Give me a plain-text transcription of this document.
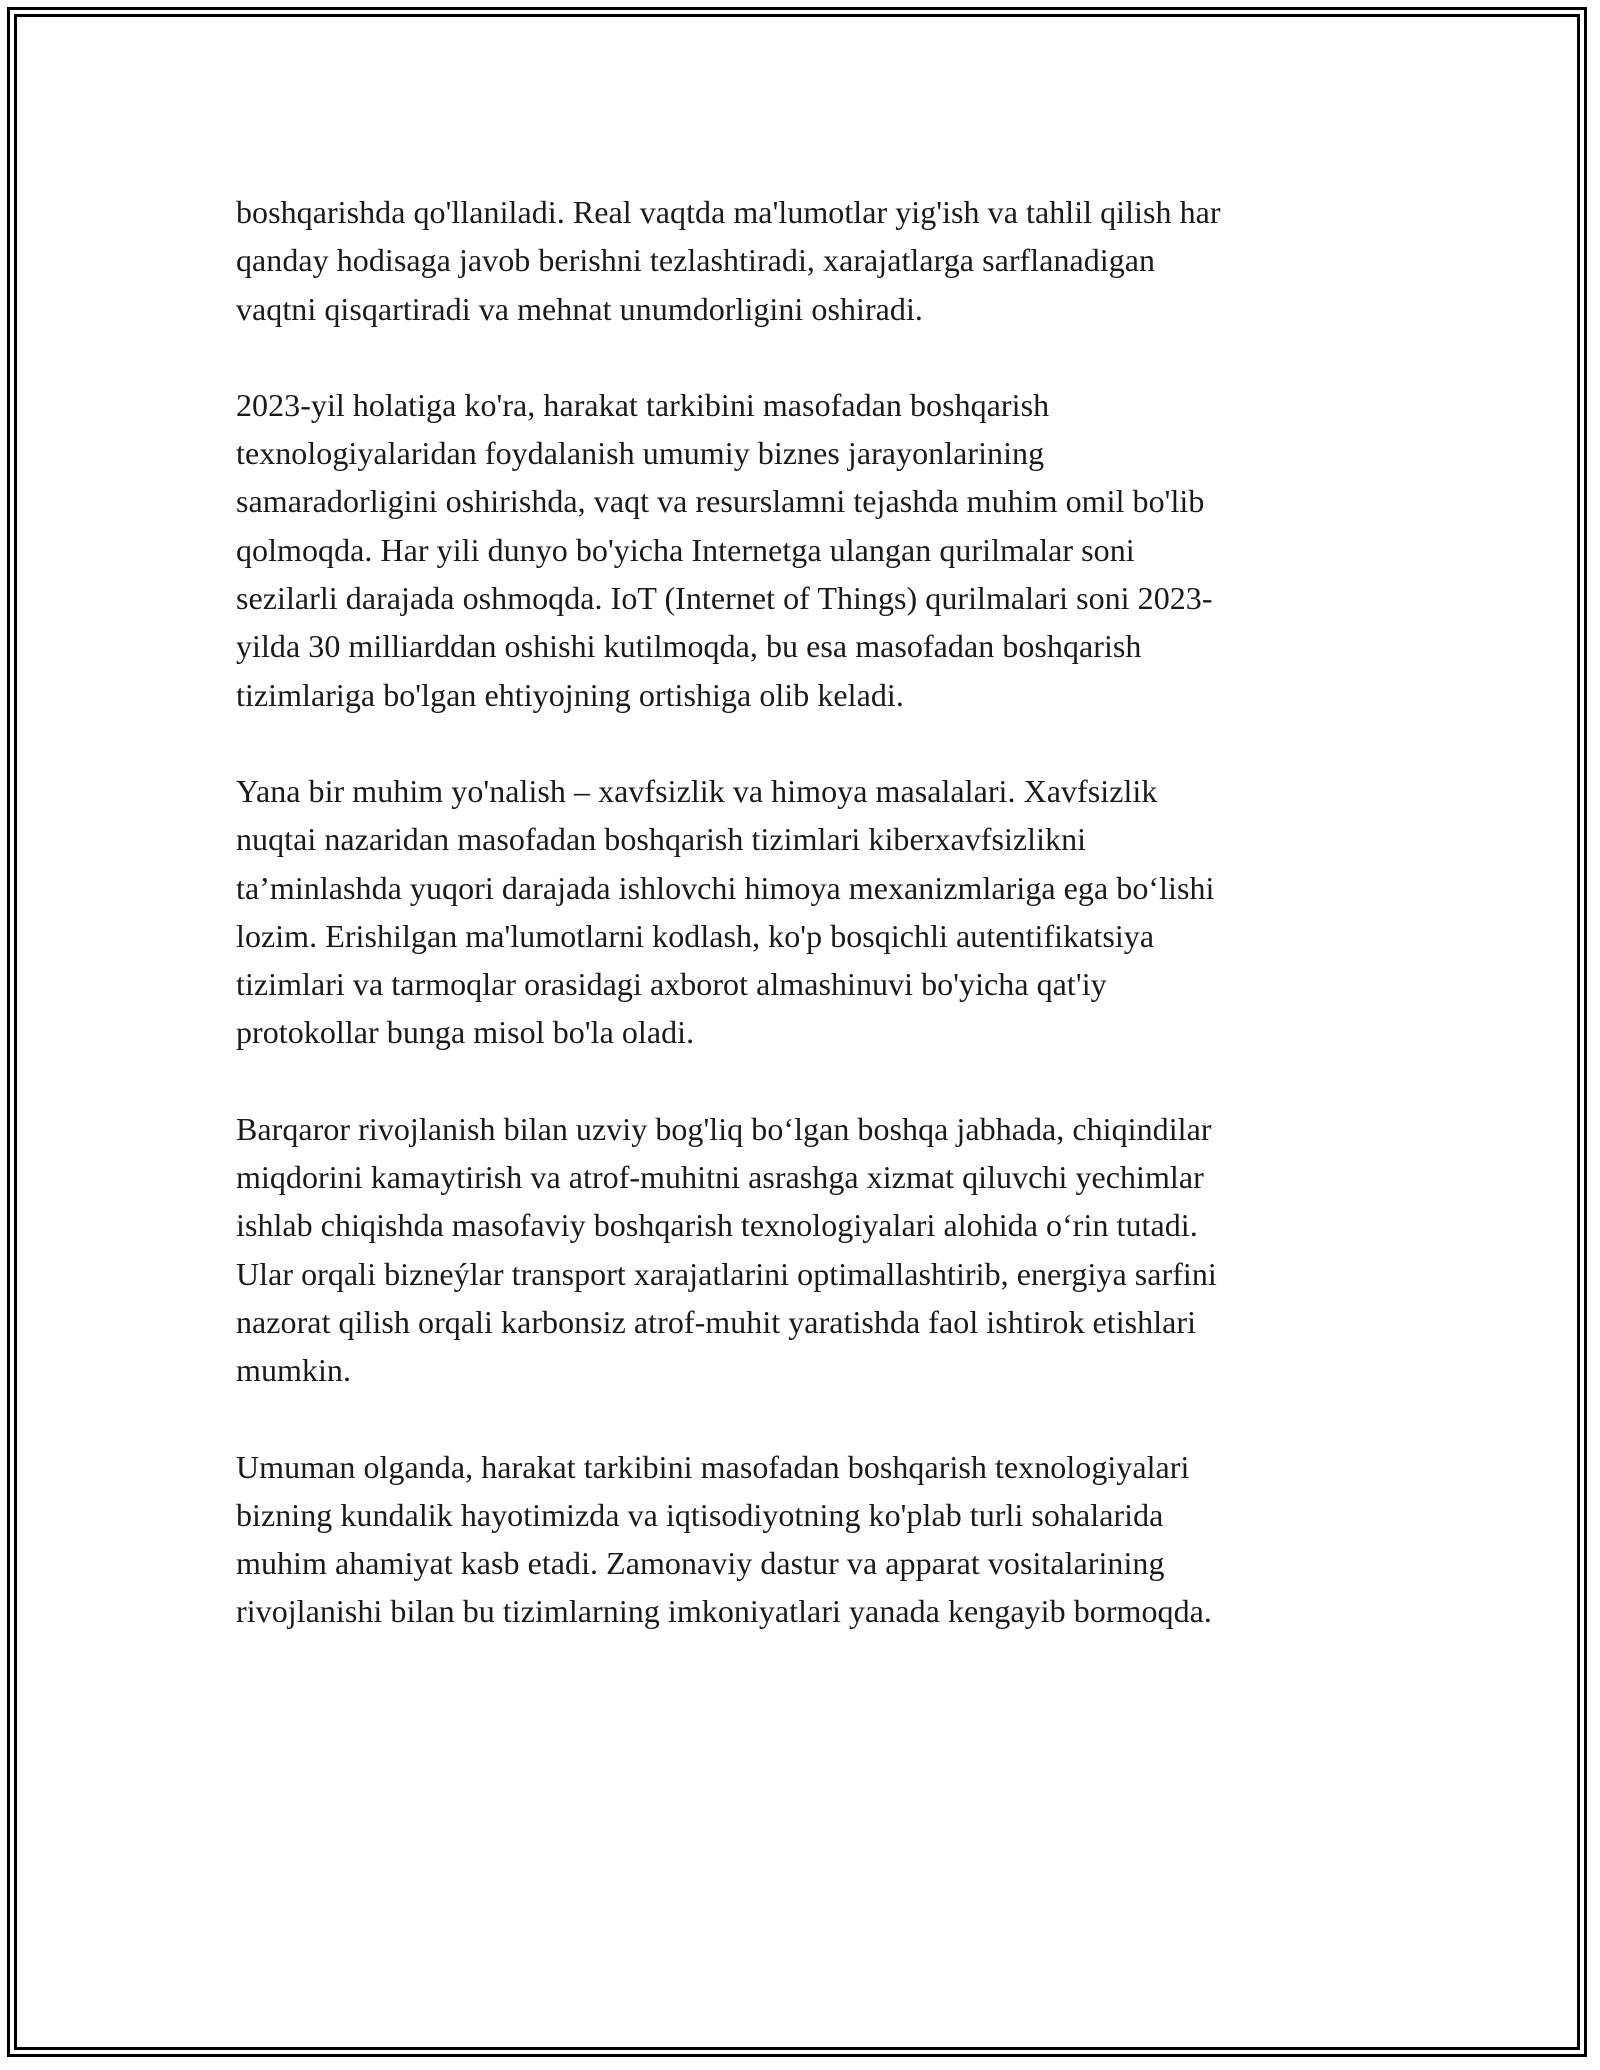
boshqarishda qo'llaniladi. Real vaqtda ma'lumotlar yig'ish va tahlil qilish har
qanday hodisaga javob berishni tezlashtiradi, xarajatlarga sarflanadigan
vaqtni qisqartiradi va mehnat unumdorligini oshiradi.

2023-yil holatiga ko'ra, harakat tarkibini masofadan boshqarish
texnologiyalaridan foydalanish umumiy biznes jarayonlarining
samaradorligini oshirishda, vaqt va resurslamni tejashda muhim omil bo'lib
qolmoqda. Har yili dunyo bo'yicha Internetga ulangan qurilmalar soni
sezilarli darajada oshmoqda. IoT (Internet of Things) qurilmalari soni 2023-
yilda 30 milliarddan oshishi kutilmoqda, bu esa masofadan boshqarish
tizimlariga bo'lgan ehtiyojning ortishiga olib keladi.

Yana bir muhim yo'nalish – xavfsizlik va himoya masalalari. Xavfsizlik
nuqtai nazaridan masofadan boshqarish tizimlari kiberxavfsizlikni
ta’minlashda yuqori darajada ishlovchi himoya mexanizmlariga ega bo‘lishi
lozim. Erishilgan ma'lumotlarni kodlash, ko'p bosqichli autentifikatsiya
tizimlari va tarmoqlar orasidagi axborot almashinuvi bo'yicha qat'iy
protokollar bunga misol bo'la oladi.

Barqaror rivojlanish bilan uzviy bog'liq bo‘lgan boshqa jabhada, chiqindilar
miqdorini kamaytirish va atrof-muhitni asrashga xizmat qiluvchi yechimlar
ishlab chiqishda masofaviy boshqarish texnologiyalari alohida o‘rin tutadi.
Ular orqali bizneýlar transport xarajatlarini optimallashtirib, energiya sarfini
nazorat qilish orqali karbonsiz atrof-muhit yaratishda faol ishtirok etishlari
mumkin.

Umuman olganda, harakat tarkibini masofadan boshqarish texnologiyalari
bizning kundalik hayotimizda va iqtisodiyotning ko'plab turli sohalarida
muhim ahamiyat kasb etadi. Zamonaviy dastur va apparat vositalarining
rivojlanishi bilan bu tizimlarning imkoniyatlari yanada kengayib bormoqda.
